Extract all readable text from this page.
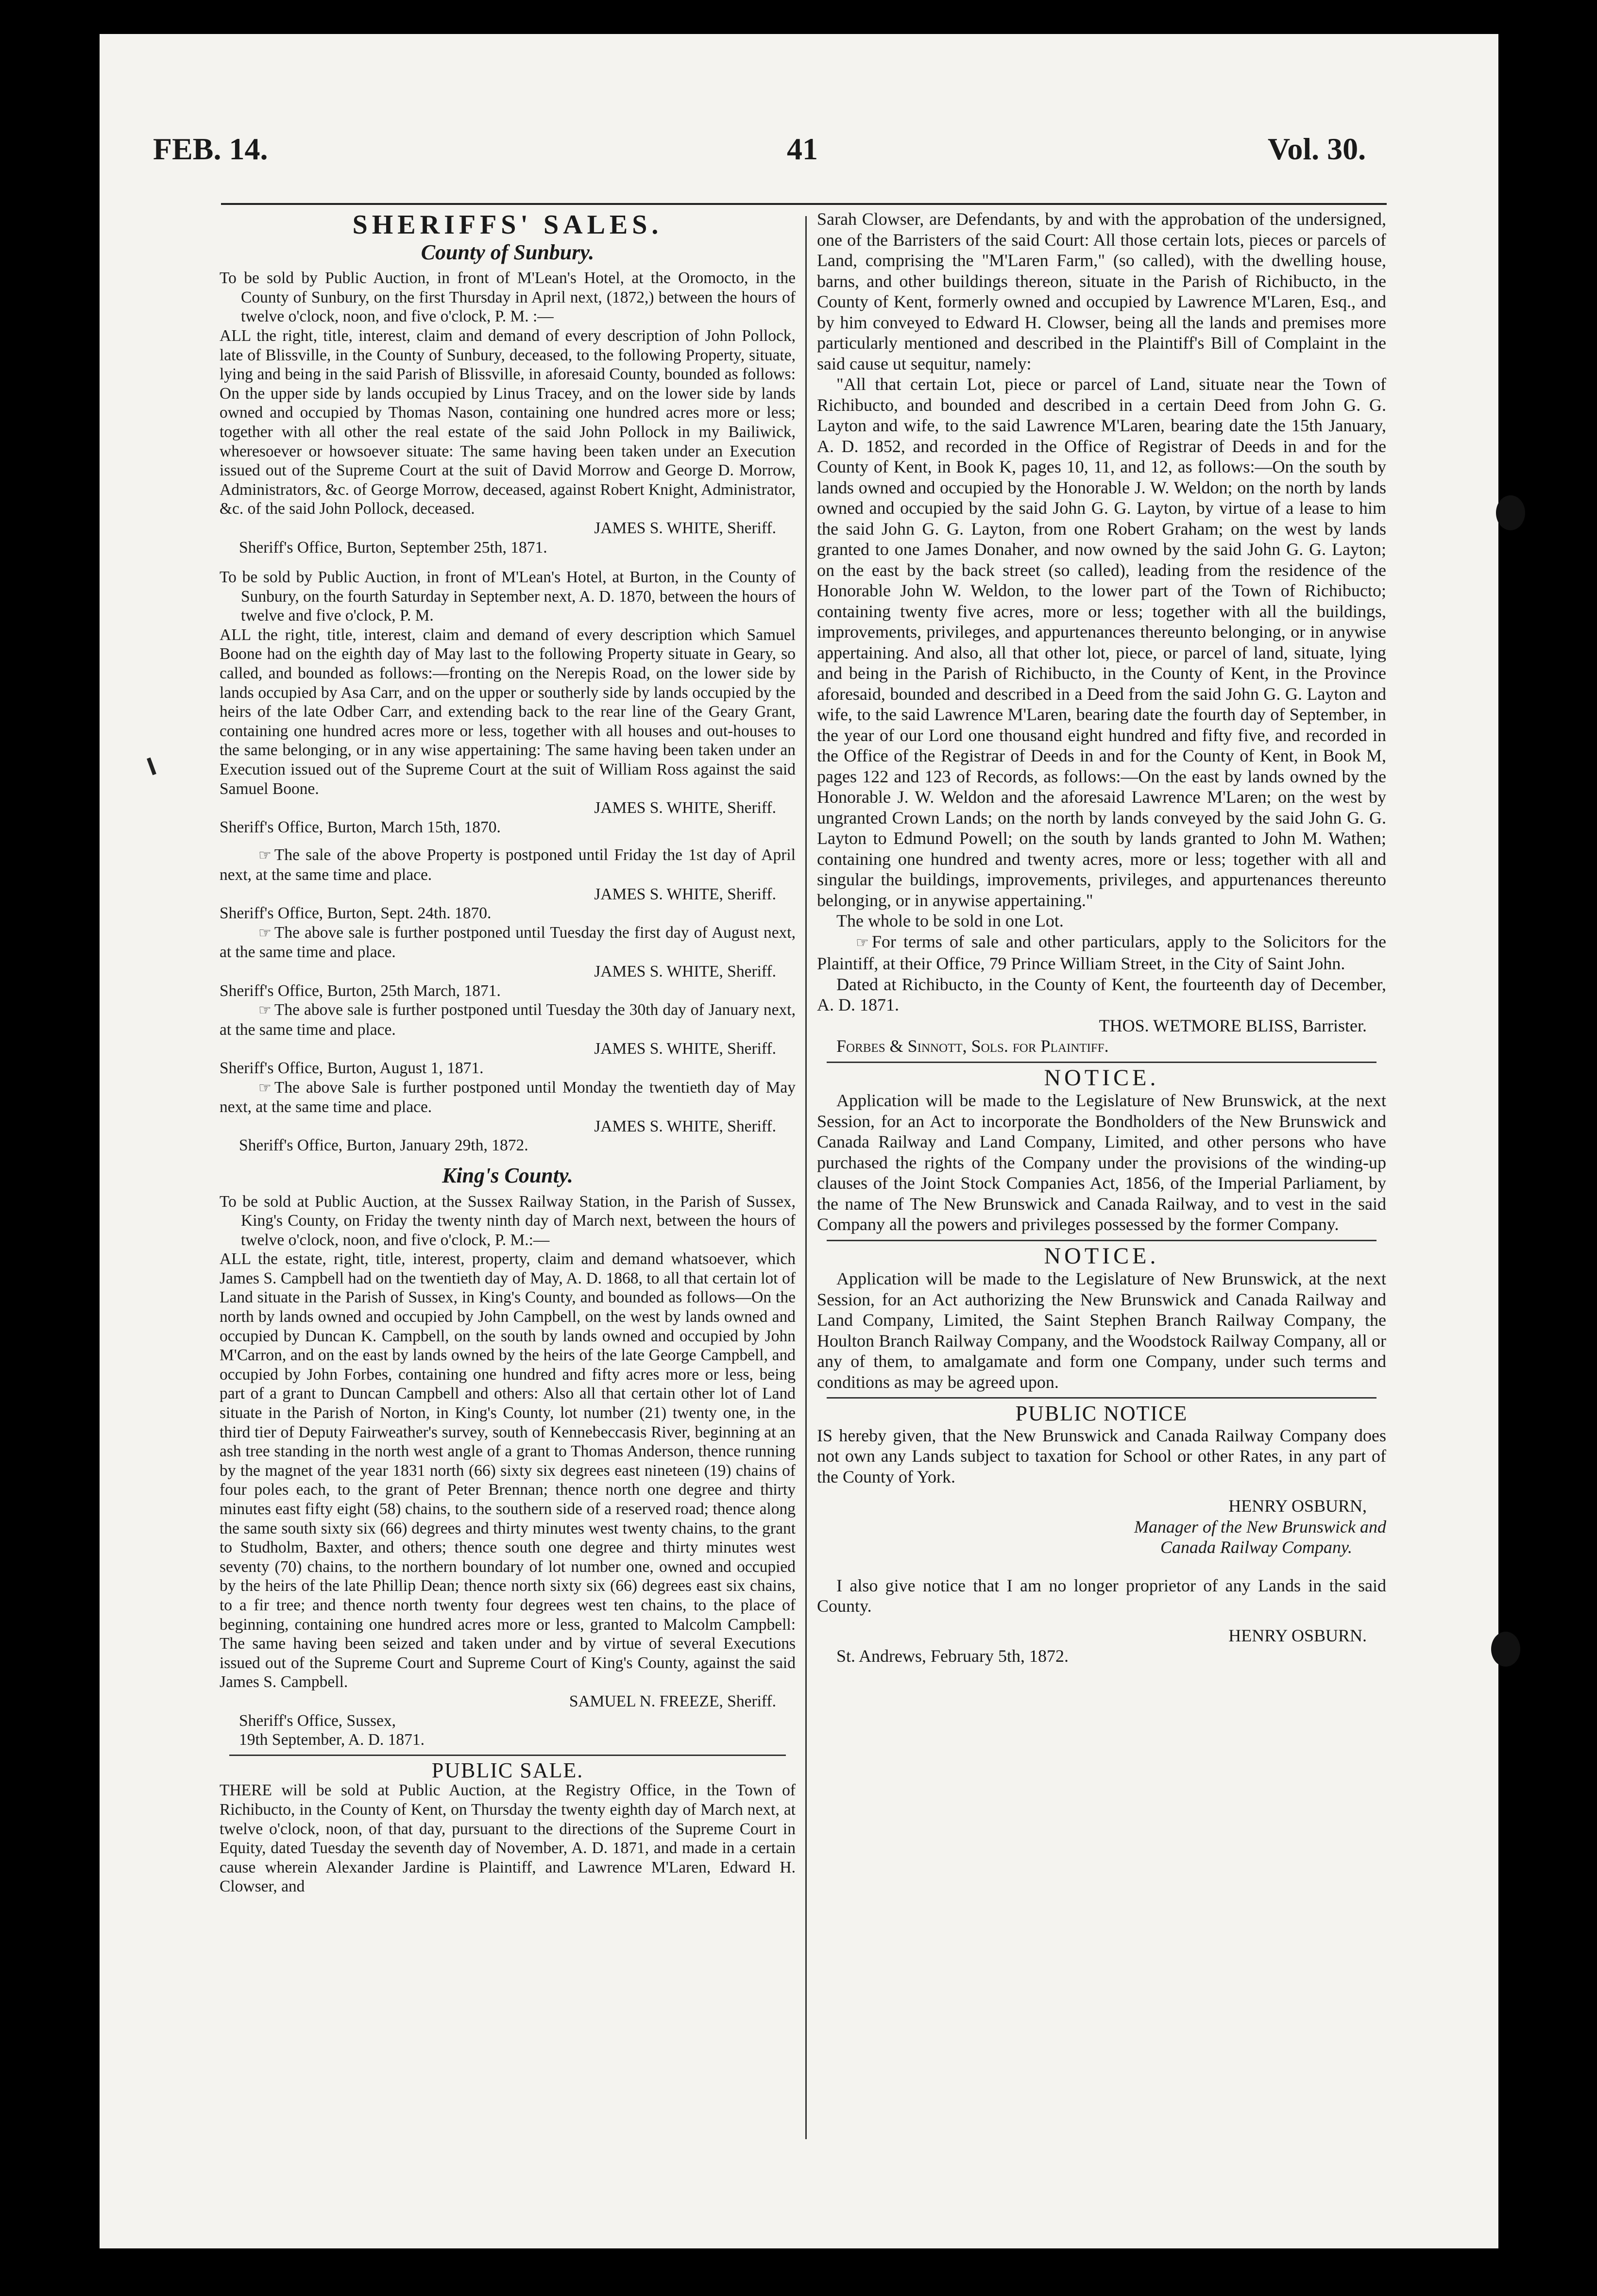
FEB. 14.	41	Vol. 30.
SHERIFFS' SALES.
County of Sunbury.

To be sold by Public Auction, in front of M'Lean's Hotel, at the Oromocto, in the County of Sunbury, on the first Thursday in April next, (1872,) between the hours of twelve o'clock, noon, and five o'clock, P. M. :—

ALL the right, title, interest, claim and demand of every description of John Pollock, late of Blissville, in the County of Sunbury, deceased, to the following Property, situate, lying and being in the said Parish of Blissville, in aforesaid County, bounded as follows: On the upper side by lands occupied by Linus Tracey, and on the lower side by lands owned and occupied by Thomas Nason, containing one hundred acres more or less; together with all other the real estate of the said John Pollock in my Bailiwick, wheresoever or howsoever situate: The same having been taken under an Execution issued out of the Supreme Court at the suit of David Morrow and George D. Morrow, Administrators, &c. of George Morrow, deceased, against Robert Knight, Administrator, &c. of the said John Pollock, deceased.

JAMES S. WHITE, Sheriff.
Sheriff's Office, Burton, September 25th, 1871.

To be sold by Public Auction, in front of M'Lean's Hotel, at Burton, in the County of Sunbury, on the fourth Saturday in September next, A. D. 1870, between the hours of twelve and five o'clock, P. M.

ALL the right, title, interest, claim and demand of every description which Samuel Boone had on the eighth day of May last to the following Property situate in Geary, so called, and bounded as follows:—fronting on the Nerepis Road, on the lower side by lands occupied by Asa Carr, and on the upper or southerly side by lands occupied by the heirs of the late Odber Carr, and extending back to the rear line of the Geary Grant, containing one hundred acres more or less, together with all houses and out-houses to the same belonging, or in any wise appertaining: The same having been taken under an Execution issued out of the Supreme Court at the suit of William Ross against the said Samuel Boone.

JAMES S. WHITE, Sheriff.
Sheriff's Office, Burton, March 15th, 1870.

☞ The sale of the above Property is postponed until Friday the 1st day of April next, at the same time and place.

JAMES S. WHITE, Sheriff.
Sheriff's Office, Burton, Sept. 24th. 1870.

☞ The above sale is further postponed until Tuesday the first day of August next, at the same time and place.

JAMES S. WHITE, Sheriff.
Sheriff's Office, Burton, 25th March, 1871.

☞ The above sale is further postponed until Tuesday the 30th day of January next, at the same time and place.

JAMES S. WHITE, Sheriff.
Sheriff's Office, Burton, August 1, 1871.

☞ The above Sale is further postponed until Monday the twentieth day of May next, at the same time and place.

JAMES S. WHITE, Sheriff.
Sheriff's Office, Burton, January 29th, 1872.
King's County.

To be sold at Public Auction, at the Sussex Railway Station, in the Parish of Sussex, King's County, on Friday the twenty ninth day of March next, between the hours of twelve o'clock, noon, and five o'clock, P. M.:—

ALL the estate, right, title, interest, property, claim and demand whatsoever, which James S. Campbell had on the twentieth day of May, A. D. 1868, to all that certain lot of Land situate in the Parish of Sussex, in King's County, and bounded as follows—On the north by lands owned and occupied by John Campbell, on the west by lands owned and occupied by Duncan K. Campbell, on the south by lands owned and occupied by John M'Carron, and on the east by lands owned by the heirs of the late George Campbell, and occupied by John Forbes, containing one hundred and fifty acres more or less, being part of a grant to Duncan Campbell and others: Also all that certain other lot of Land situate in the Parish of Norton, in King's County, lot number (21) twenty one, in the third tier of Deputy Fairweather's survey, south of Kennebeccasis River, beginning at an ash tree standing in the north west angle of a grant to Thomas Anderson, thence running by the magnet of the year 1831 north (66) sixty six degrees east nineteen (19) chains of four poles each, to the grant of Peter Brennan; thence north one degree and thirty minutes east fifty eight (58) chains, to the southern side of a reserved road; thence along the same south sixty six (66) degrees and thirty minutes west twenty chains, to the grant to Studholm, Baxter, and others; thence south one degree and thirty minutes west seventy (70) chains, to the northern boundary of lot number one, owned and occupied by the heirs of the late Phillip Dean; thence north sixty six (66) degrees east six chains, to a fir tree; and thence north twenty four degrees west ten chains, to the place of beginning, containing one hundred acres more or less, granted to Malcolm Campbell: The same having been seized and taken under and by virtue of several Executions issued out of the Supreme Court and Supreme Court of King's County, against the said James S. Campbell.

SAMUEL N. FREEZE, Sheriff.
Sheriff's Office, Sussex,
19th September, A. D. 1871.
PUBLIC SALE.

THERE will be sold at Public Auction, at the Registry Office, in the Town of Richibucto, in the County of Kent, on Thursday the twenty eighth day of March next, at twelve o'clock, noon, of that day, pursuant to the directions of the Supreme Court in Equity, dated Tuesday the seventh day of November, A. D. 1871, and made in a certain cause wherein Alexander Jardine is Plaintiff, and Lawrence M'Laren, Edward H. Clowser, and

Sarah Clowser, are Defendants, by and with the approbation of the undersigned, one of the Barristers of the said Court: All those certain lots, pieces or parcels of Land, comprising the "M'Laren Farm," (so called), with the dwelling house, barns, and other buildings thereon, situate in the Parish of Richibucto, in the County of Kent, formerly owned and occupied by Lawrence M'Laren, Esq., and by him conveyed to Edward H. Clowser, being all the lands and premises more particularly mentioned and described in the Plaintiff's Bill of Complaint in the said cause ut sequitur, namely:

"All that certain Lot, piece or parcel of Land, situate near the Town of Richibucto, and bounded and described in a certain Deed from John G. G. Layton and wife, to the said Lawrence M'Laren, bearing date the 15th January, A. D. 1852, and recorded in the Office of Registrar of Deeds in and for the County of Kent, in Book K, pages 10, 11, and 12, as follows:—On the south by lands owned and occupied by the Honorable J. W. Weldon; on the north by lands owned and occupied by the said John G. G. Layton, by virtue of a lease to him the said John G. G. Layton, from one Robert Graham; on the west by lands granted to one James Donaher, and now owned by the said John G. G. Layton; on the east by the back street (so called), leading from the residence of the Honorable John W. Weldon, to the lower part of the Town of Richibucto; containing twenty five acres, more or less; together with all the buildings, improvements, privileges, and appurtenances thereunto belonging, or in anywise appertaining. And also, all that other lot, piece, or parcel of land, situate, lying and being in the Parish of Richibucto, in the County of Kent, in the Province aforesaid, bounded and described in a Deed from the said John G. G. Layton and wife, to the said Lawrence M'Laren, bearing date the fourth day of September, in the year of our Lord one thousand eight hundred and fifty five, and recorded in the Office of the Registrar of Deeds in and for the County of Kent, in Book M, pages 122 and 123 of Records, as follows:—On the east by lands owned by the Honorable J. W. Weldon and the aforesaid Lawrence M'Laren; on the west by ungranted Crown Lands; on the north by lands conveyed by the said John G. G. Layton to Edmund Powell; on the south by lands granted to John M. Wathen; containing one hundred and twenty acres, more or less; together with all and singular the buildings, improvements, privileges, and appurtenances thereunto belonging, or in anywise appertaining."

The whole to be sold in one Lot.

☞ For terms of sale and other particulars, apply to the Solicitors for the Plaintiff, at their Office, 79 Prince William Street, in the City of Saint John.

Dated at Richibucto, in the County of Kent, the fourteenth day of December, A. D. 1871.

THOS. WETMORE BLISS, Barrister.
Forbes & Sinnott, Sols. for Plaintiff.
NOTICE.

Application will be made to the Legislature of New Brunswick, at the next Session, for an Act to incorporate the Bondholders of the New Brunswick and Canada Railway and Land Company, Limited, and other persons who have purchased the rights of the Company under the provisions of the winding-up clauses of the Joint Stock Companies Act, 1856, of the Imperial Parliament, by the name of The New Brunswick and Canada Railway, and to vest in the said Company all the powers and privileges possessed by the former Company.

NOTICE.

Application will be made to the Legislature of New Brunswick, at the next Session, for an Act authorizing the New Brunswick and Canada Railway and Land Company, Limited, the Saint Stephen Branch Railway Company, the Houlton Branch Railway Company, and the Woodstock Railway Company, all or any of them, to amalgamate and form one Company, under such terms and conditions as may be agreed upon.

PUBLIC NOTICE

IS hereby given, that the New Brunswick and Canada Railway Company does not own any Lands subject to taxation for School or other Rates, in any part of the County of York.

HENRY OSBURN,
Manager of the New Brunswick and
Canada Railway Company.

I also give notice that I am no longer proprietor of any Lands in the said County.

HENRY OSBURN.
St. Andrews, February 5th, 1872.
